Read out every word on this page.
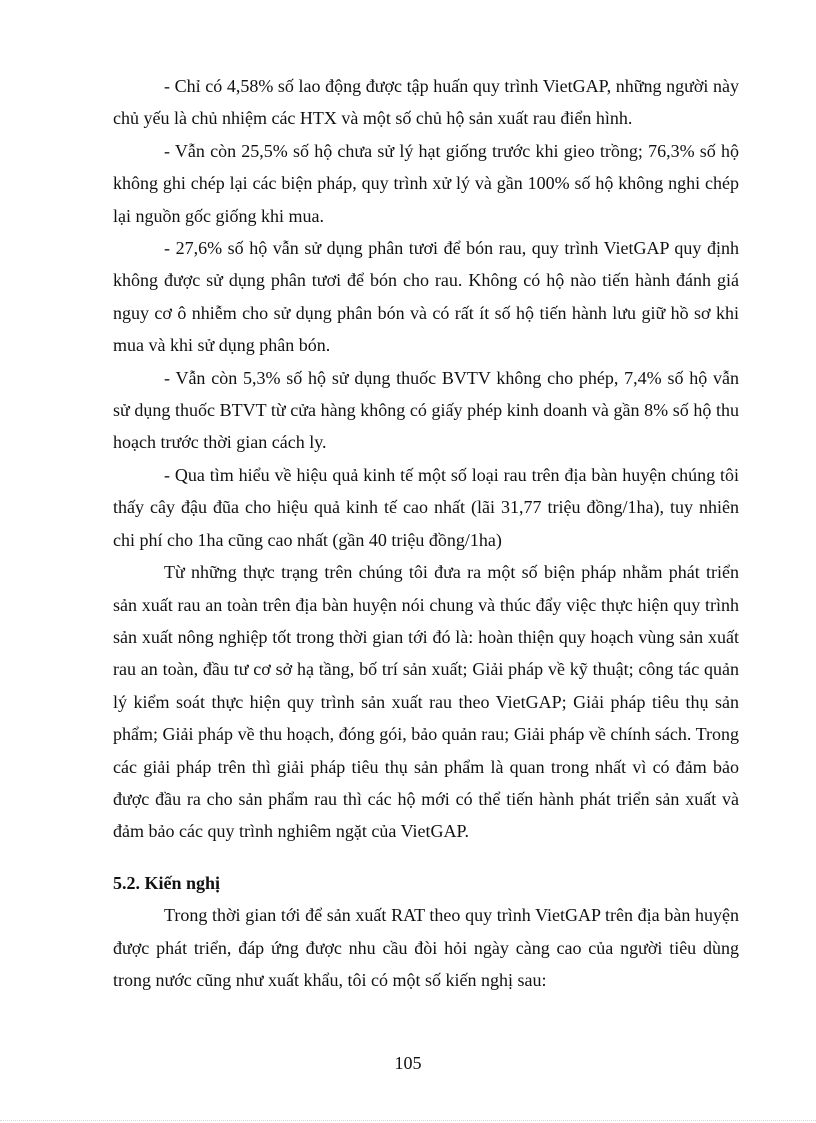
- Chỉ có 4,58% số lao động được tập huấn quy trình VietGAP, những người này chủ yếu là chủ nhiệm các HTX và một số chủ hộ sản xuất rau điển hình.

- Vẫn còn 25,5% số hộ chưa sử lý hạt giống trước khi gieo trồng; 76,3% số hộ không ghi chép lại các biện pháp, quy trình xử lý và gần 100% số hộ không nghi chép lại nguồn gốc giống khi mua.

- 27,6% số hộ vẫn sử dụng phân tươi để bón rau, quy trình VietGAP quy định không được sử dụng phân tươi để bón cho rau. Không có hộ nào tiến hành đánh giá nguy cơ ô nhiễm cho sử dụng phân bón và có rất ít số hộ tiến hành lưu giữ hồ sơ khi mua và khi sử dụng phân bón.

- Vẫn còn 5,3% số hộ sử dụng thuốc BVTV không cho phép, 7,4% số hộ vẫn sử dụng thuốc BTVT từ cửa hàng không có giấy phép kinh doanh và gần 8% số hộ thu hoạch trước thời gian cách ly.

- Qua tìm hiểu về hiệu quả kinh tế một số loại rau trên địa bàn huyện chúng tôi thấy cây đậu đũa cho hiệu quả kinh tế cao nhất (lãi 31,77 triệu đồng/1ha), tuy nhiên chi phí cho 1ha cũng cao nhất (gần 40 triệu đồng/1ha)

Từ những thực trạng trên chúng tôi đưa ra một số biện pháp nhằm phát triển sản xuất rau an toàn trên địa bàn huyện nói chung và thúc đẩy việc thực hiện quy trình sản xuất nông nghiệp tốt trong thời gian tới đó là: hoàn thiện quy hoạch vùng sản xuất rau an toàn, đầu tư cơ sở hạ tầng, bố trí sản xuất; Giải pháp về kỹ thuật; công tác quản lý kiểm soát thực hiện quy trình sản xuất rau theo VietGAP; Giải pháp tiêu thụ sản phẩm; Giải pháp về thu hoạch, đóng gói, bảo quản rau; Giải pháp về chính sách. Trong các giải pháp trên thì giải pháp tiêu thụ sản phẩm là quan trong nhất vì có đảm bảo được đầu ra cho sản phẩm rau thì các hộ mới có thể tiến hành phát triển sản xuất và đảm bảo các quy trình nghiêm ngặt của VietGAP.

5.2. Kiến nghị

Trong thời gian tới để sản xuất RAT theo quy trình VietGAP trên địa bàn huyện được phát triển, đáp ứng được nhu cầu đòi hỏi ngày càng cao của người tiêu dùng trong nước cũng như xuất khẩu, tôi có một số kiến nghị sau:

105
